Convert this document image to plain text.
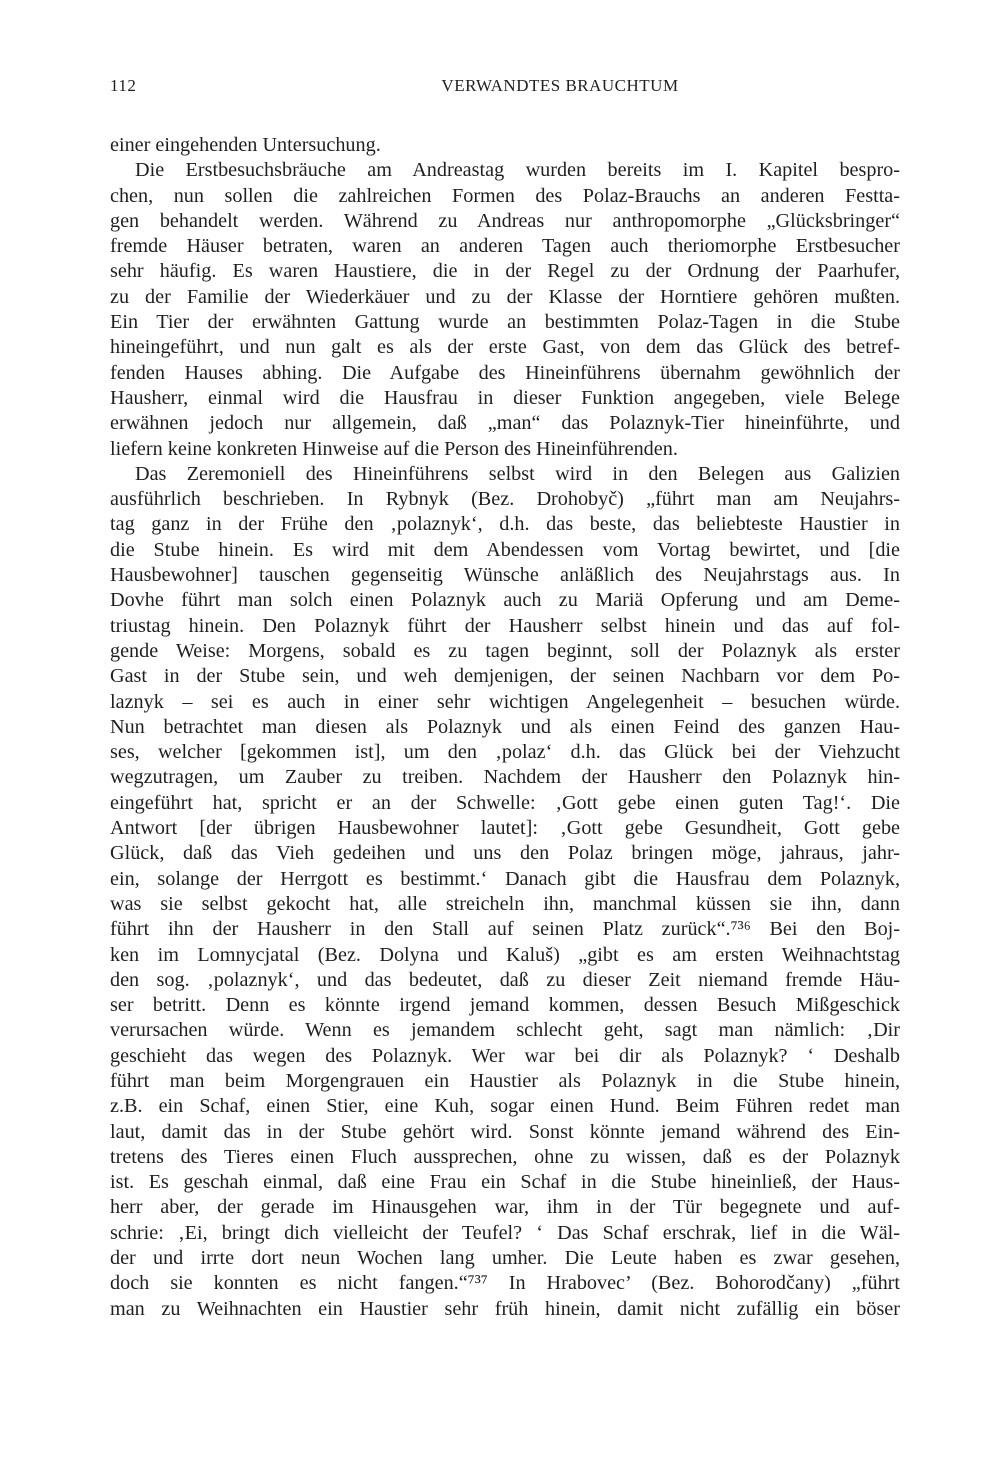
112	VERWANDTES BRAUCHTUM
einer eingehenden Untersuchung.
Die Erstbesuchsbräuche am Andreastag wurden bereits im I. Kapitel bespro-
chen, nun sollen die zahlreichen Formen des Polaz-Brauchs an anderen Festta-
gen behandelt werden. Während zu Andreas nur anthropomorphe „Glücksbringer“
fremde Häuser betraten, waren an anderen Tagen auch theriomorphe Erstbesucher
sehr häufig. Es waren Haustiere, die in der Regel zu der Ordnung der Paarhufer,
zu der Familie der Wiederkäuer und zu der Klasse der Horntiere gehören mußten.
Ein Tier der erwähnten Gattung wurde an bestimmten Polaz-Tagen in die Stube
hineingeführt, und nun galt es als der erste Gast, von dem das Glück des betref-
fenden Hauses abhing. Die Aufgabe des Hineinführens übernahm gewöhnlich der
Hausherr, einmal wird die Hausfrau in dieser Funktion angegeben, viele Belege
erwähnen jedoch nur allgemein, daß „man“ das Polaznyk-Tier hineinführte, und
liefern keine konkreten Hinweise auf die Person des Hineinführenden.
Das Zeremoniell des Hineinführens selbst wird in den Belegen aus Galizien
ausführlich beschrieben. In Rybnyk (Bez. Drohobyč) „führt man am Neujahrs-
tag ganz in der Frühe den ‚polaznyk‘, d.h. das beste, das beliebteste Haustier in
die Stube hinein. Es wird mit dem Abendessen vom Vortag bewirtet, und [die
Hausbewohner] tauschen gegenseitig Wünsche anläßlich des Neujahrstags aus. In
Dovhe führt man solch einen Polaznyk auch zu Mariä Opferung und am Deme-
triustag hinein. Den Polaznyk führt der Hausherr selbst hinein und das auf fol-
gende Weise: Morgens, sobald es zu tagen beginnt, soll der Polaznyk als erster
Gast in der Stube sein, und weh demjenigen, der seinen Nachbarn vor dem Po-
laznyk – sei es auch in einer sehr wichtigen Angelegenheit – besuchen würde.
Nun betrachtet man diesen als Polaznyk und als einen Feind des ganzen Hau-
ses, welcher [gekommen ist], um den ‚polaz‘ d.h. das Glück bei der Viehzucht
wegzutragen, um Zauber zu treiben. Nachdem der Hausherr den Polaznyk hin-
eingeführt hat, spricht er an der Schwelle: ‚Gott gebe einen guten Tag!‘. Die
Antwort [der übrigen Hausbewohner lautet]: ‚Gott gebe Gesundheit, Gott gebe
Glück, daß das Vieh gedeihen und uns den Polaz bringen möge, jahraus, jahr-
ein, solange der Herrgott es bestimmt.‘ Danach gibt die Hausfrau dem Polaznyk,
was sie selbst gekocht hat, alle streicheln ihn, manchmal küssen sie ihn, dann
führt ihn der Hausherr in den Stall auf seinen Platz zurück“.⁷³⁶ Bei den Boj-
ken im Lomnycjatal (Bez. Dolyna und Kaluš) „gibt es am ersten Weihnachtstag
den sog. ‚polaznyk‘, und das bedeutet, daß zu dieser Zeit niemand fremde Häu-
ser betritt. Denn es könnte irgend jemand kommen, dessen Besuch Mißgeschick
verursachen würde. Wenn es jemandem schlecht geht, sagt man nämlich: ‚Dir
geschieht das wegen des Polaznyk. Wer war bei dir als Polaznyk? ‘ Deshalb
führt man beim Morgengrauen ein Haustier als Polaznyk in die Stube hinein,
z.B. ein Schaf, einen Stier, eine Kuh, sogar einen Hund. Beim Führen redet man
laut, damit das in der Stube gehört wird. Sonst könnte jemand während des Ein-
tretens des Tieres einen Fluch aussprechen, ohne zu wissen, daß es der Polaznyk
ist. Es geschah einmal, daß eine Frau ein Schaf in die Stube hineinließ, der Haus-
herr aber, der gerade im Hinausgehen war, ihm in der Tür begegnete und auf-
schrie: ‚Ei, bringt dich vielleicht der Teufel? ‘ Das Schaf erschrak, lief in die Wäl-
der und irrte dort neun Wochen lang umher. Die Leute haben es zwar gesehen,
doch sie konnten es nicht fangen.“⁷³⁷ In Hrabovec’ (Bez. Bohorodčany) „führt
man zu Weihnachten ein Haustier sehr früh hinein, damit nicht zufällig ein böser
